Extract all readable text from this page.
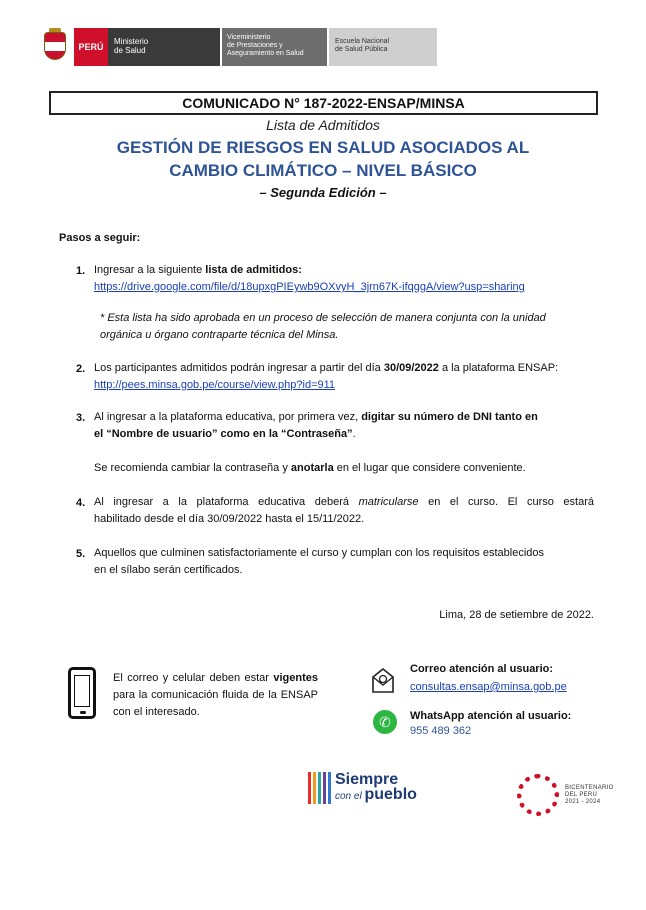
PERÚ
Ministerio
de Salud
Viceministerio
de Prestaciones y
Aseguramiento en Salud
Escuela Nacional
de Salud Pública
COMUNICADO N° 187-2022-ENSAP/MINSA
Lista de Admitidos
GESTIÓN DE RIESGOS EN SALUD ASOCIADOS AL
CAMBIO CLIMÁTICO – NIVEL BÁSICO
– Segunda Edición –
Pasos a seguir:
1. Ingresar a la siguiente lista de admitidos:
https://drive.google.com/file/d/18upxgPIEywb9OXvyH_3jrn67K-ifqggA/view?usp=sharing
* Esta lista ha sido aprobada en un proceso de selección de manera conjunta con la unidad
orgánica u órgano contraparte técnica del Minsa.
2. Los participantes admitidos podrán ingresar a partir del día 30/09/2022 a la plataforma ENSAP:
http://pees.minsa.gob.pe/course/view.php?id=911
3. Al ingresar a la plataforma educativa, por primera vez, digitar su número de DNI tanto en
el “Nombre de usuario” como en la “Contraseña”.
Se recomienda cambiar la contraseña y anotarla en el lugar que considere conveniente.
4. Al ingresar a la plataforma educativa deberá matricularse en el curso. El curso estará
habilitado desde el día 30/09/2022 hasta el 15/11/2022.
5. Aquellos que culminen satisfactoriamente el curso y cumplan con los requisitos establecidos
en el sílabo serán certificados.
Lima, 28 de setiembre de 2022.
El correo y celular deben estar vigentes para la comunicación fluida de la ENSAP con el interesado.
Correo atención al usuario:
consultas.ensap@minsa.gob.pe
✆	WhatsApp atención al usuario:
955 489 362
Siempre
con el pueblo	BICENTENARIO
DEL PERÚ
2021 - 2024
